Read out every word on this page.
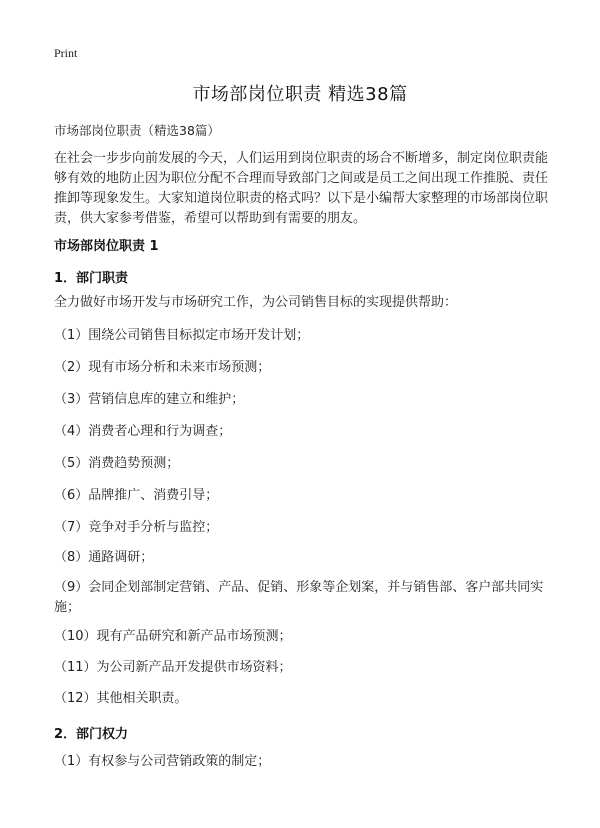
Print
市场部岗位职责 精选38篇
市场部岗位职责（精选38篇）

在社会一步步向前发展的今天，人们运用到岗位职责的场合不断增多，制定岗位职责能够有效的地防止因为职位分配不合理而导致部门之间或是员工之间出现工作推脱、责任推卸等现象发生。大家知道岗位职责的格式吗？以下是小编帮大家整理的市场部岗位职责，供大家参考借鉴，希望可以帮助到有需要的朋友。

市场部岗位职责 1
1．部门职责

全力做好市场开发与市场研究工作，为公司销售目标的实现提供帮助：

（1）围绕公司销售目标拟定市场开发计划；

（2）现有市场分析和未来市场预测；

（3）营销信息库的建立和维护；

（4）消费者心理和行为调查；

（5）消费趋势预测；

（6）品牌推广、消费引导；

（7）竞争对手分析与监控；

（8）通路调研；

（9）会同企划部制定营销、产品、促销、形象等企划案，并与销售部、客户部共同实施；

（10）现有产品研究和新产品市场预测；

（11）为公司新产品开发提供市场资料；

（12）其他相关职责。

2．部门权力

（1）有权参与公司营销政策的制定；
